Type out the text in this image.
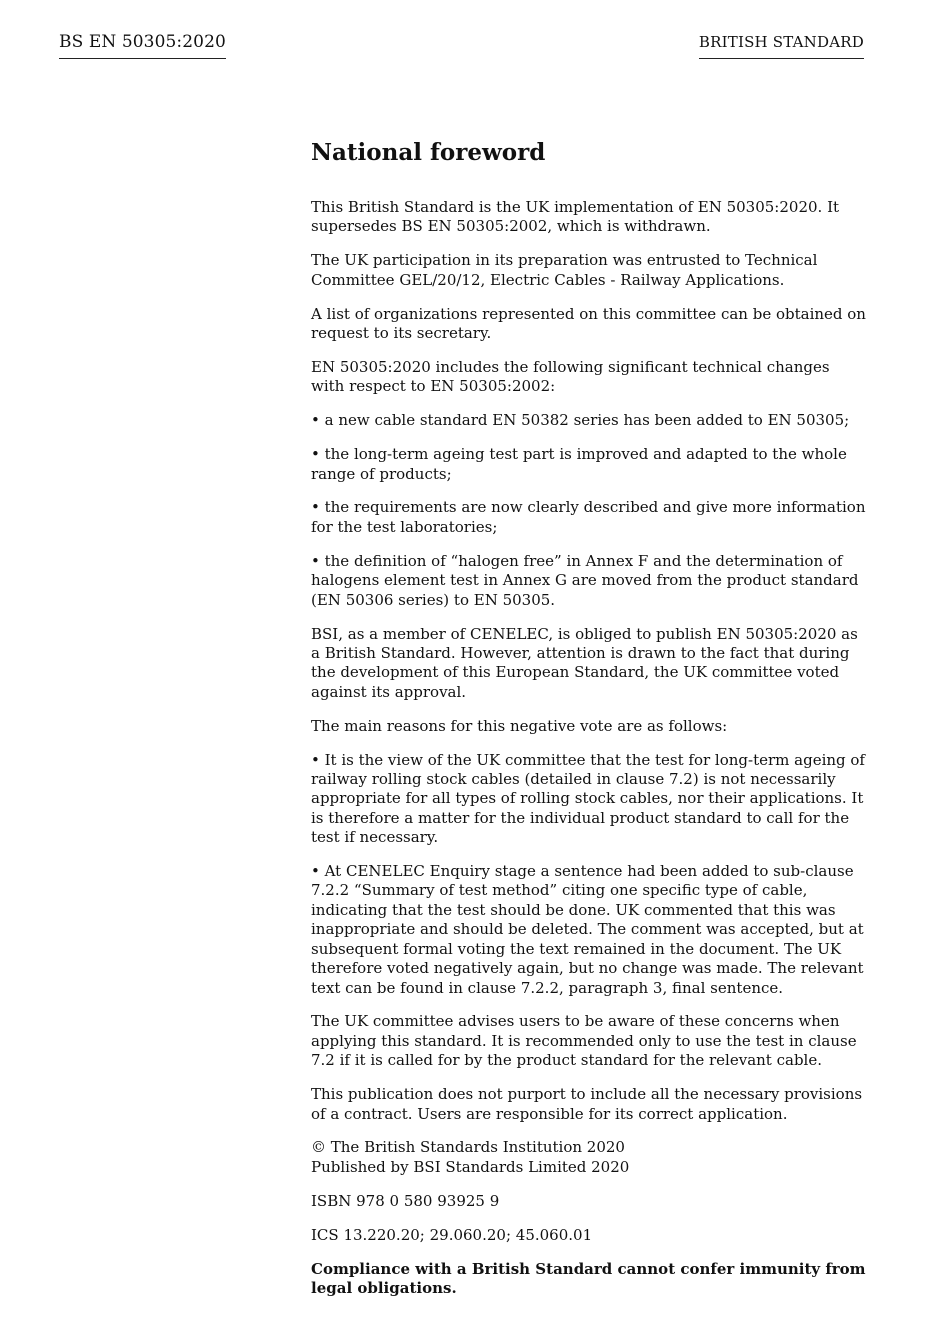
BS EN 50305:2020	BRITISH STANDARD
National foreword

This British Standard is the UK implementation of EN 50305:2020. It supersedes BS EN 50305:2002, which is withdrawn.

The UK participation in its preparation was entrusted to Technical Committee GEL/20/12, Electric Cables - Railway Applications.

A list of organizations represented on this committee can be obtained on request to its secretary.

EN 50305:2020 includes the following significant technical changes with respect to EN 50305:2002:

• a new cable standard EN 50382 series has been added to EN 50305;

• the long-term ageing test part is improved and adapted to the whole range of products;

• the requirements are now clearly described and give more information for the test laboratories;

• the definition of “halogen free” in Annex F and the determination of halogens element test in Annex G are moved from the product standard (EN 50306 series) to EN 50305.

BSI, as a member of CENELEC, is obliged to publish EN 50305:2020 as a British Standard. However, attention is drawn to the fact that during the development of this European Standard, the UK committee voted against its approval.

The main reasons for this negative vote are as follows:

• It is the view of the UK committee that the test for long-term ageing of railway rolling stock cables (detailed in clause 7.2) is not necessarily appropriate for all types of rolling stock cables, nor their applications. It is therefore a matter for the individual product standard to call for the test if necessary.

• At CENELEC Enquiry stage a sentence had been added to sub-clause 7.2.2 “Summary of test method” citing one specific type of cable, indicating that the test should be done. UK commented that this was inappropriate and should be deleted. The comment was accepted, but at subsequent formal voting the text remained in the document. The UK therefore voted negatively again, but no change was made. The relevant text can be found in clause 7.2.2, paragraph 3, final sentence.

The UK committee advises users to be aware of these concerns when applying this standard. It is recommended only to use the test in clause 7.2 if it is called for by the product standard for the relevant cable.

This publication does not purport to include all the necessary provisions of a contract. Users are responsible for its correct application.

© The British Standards Institution 2020
Published by BSI Standards Limited 2020

ISBN 978 0 580 93925 9

ICS 13.220.20; 29.060.20; 45.060.01

Compliance with a British Standard cannot confer immunity from legal obligations.
